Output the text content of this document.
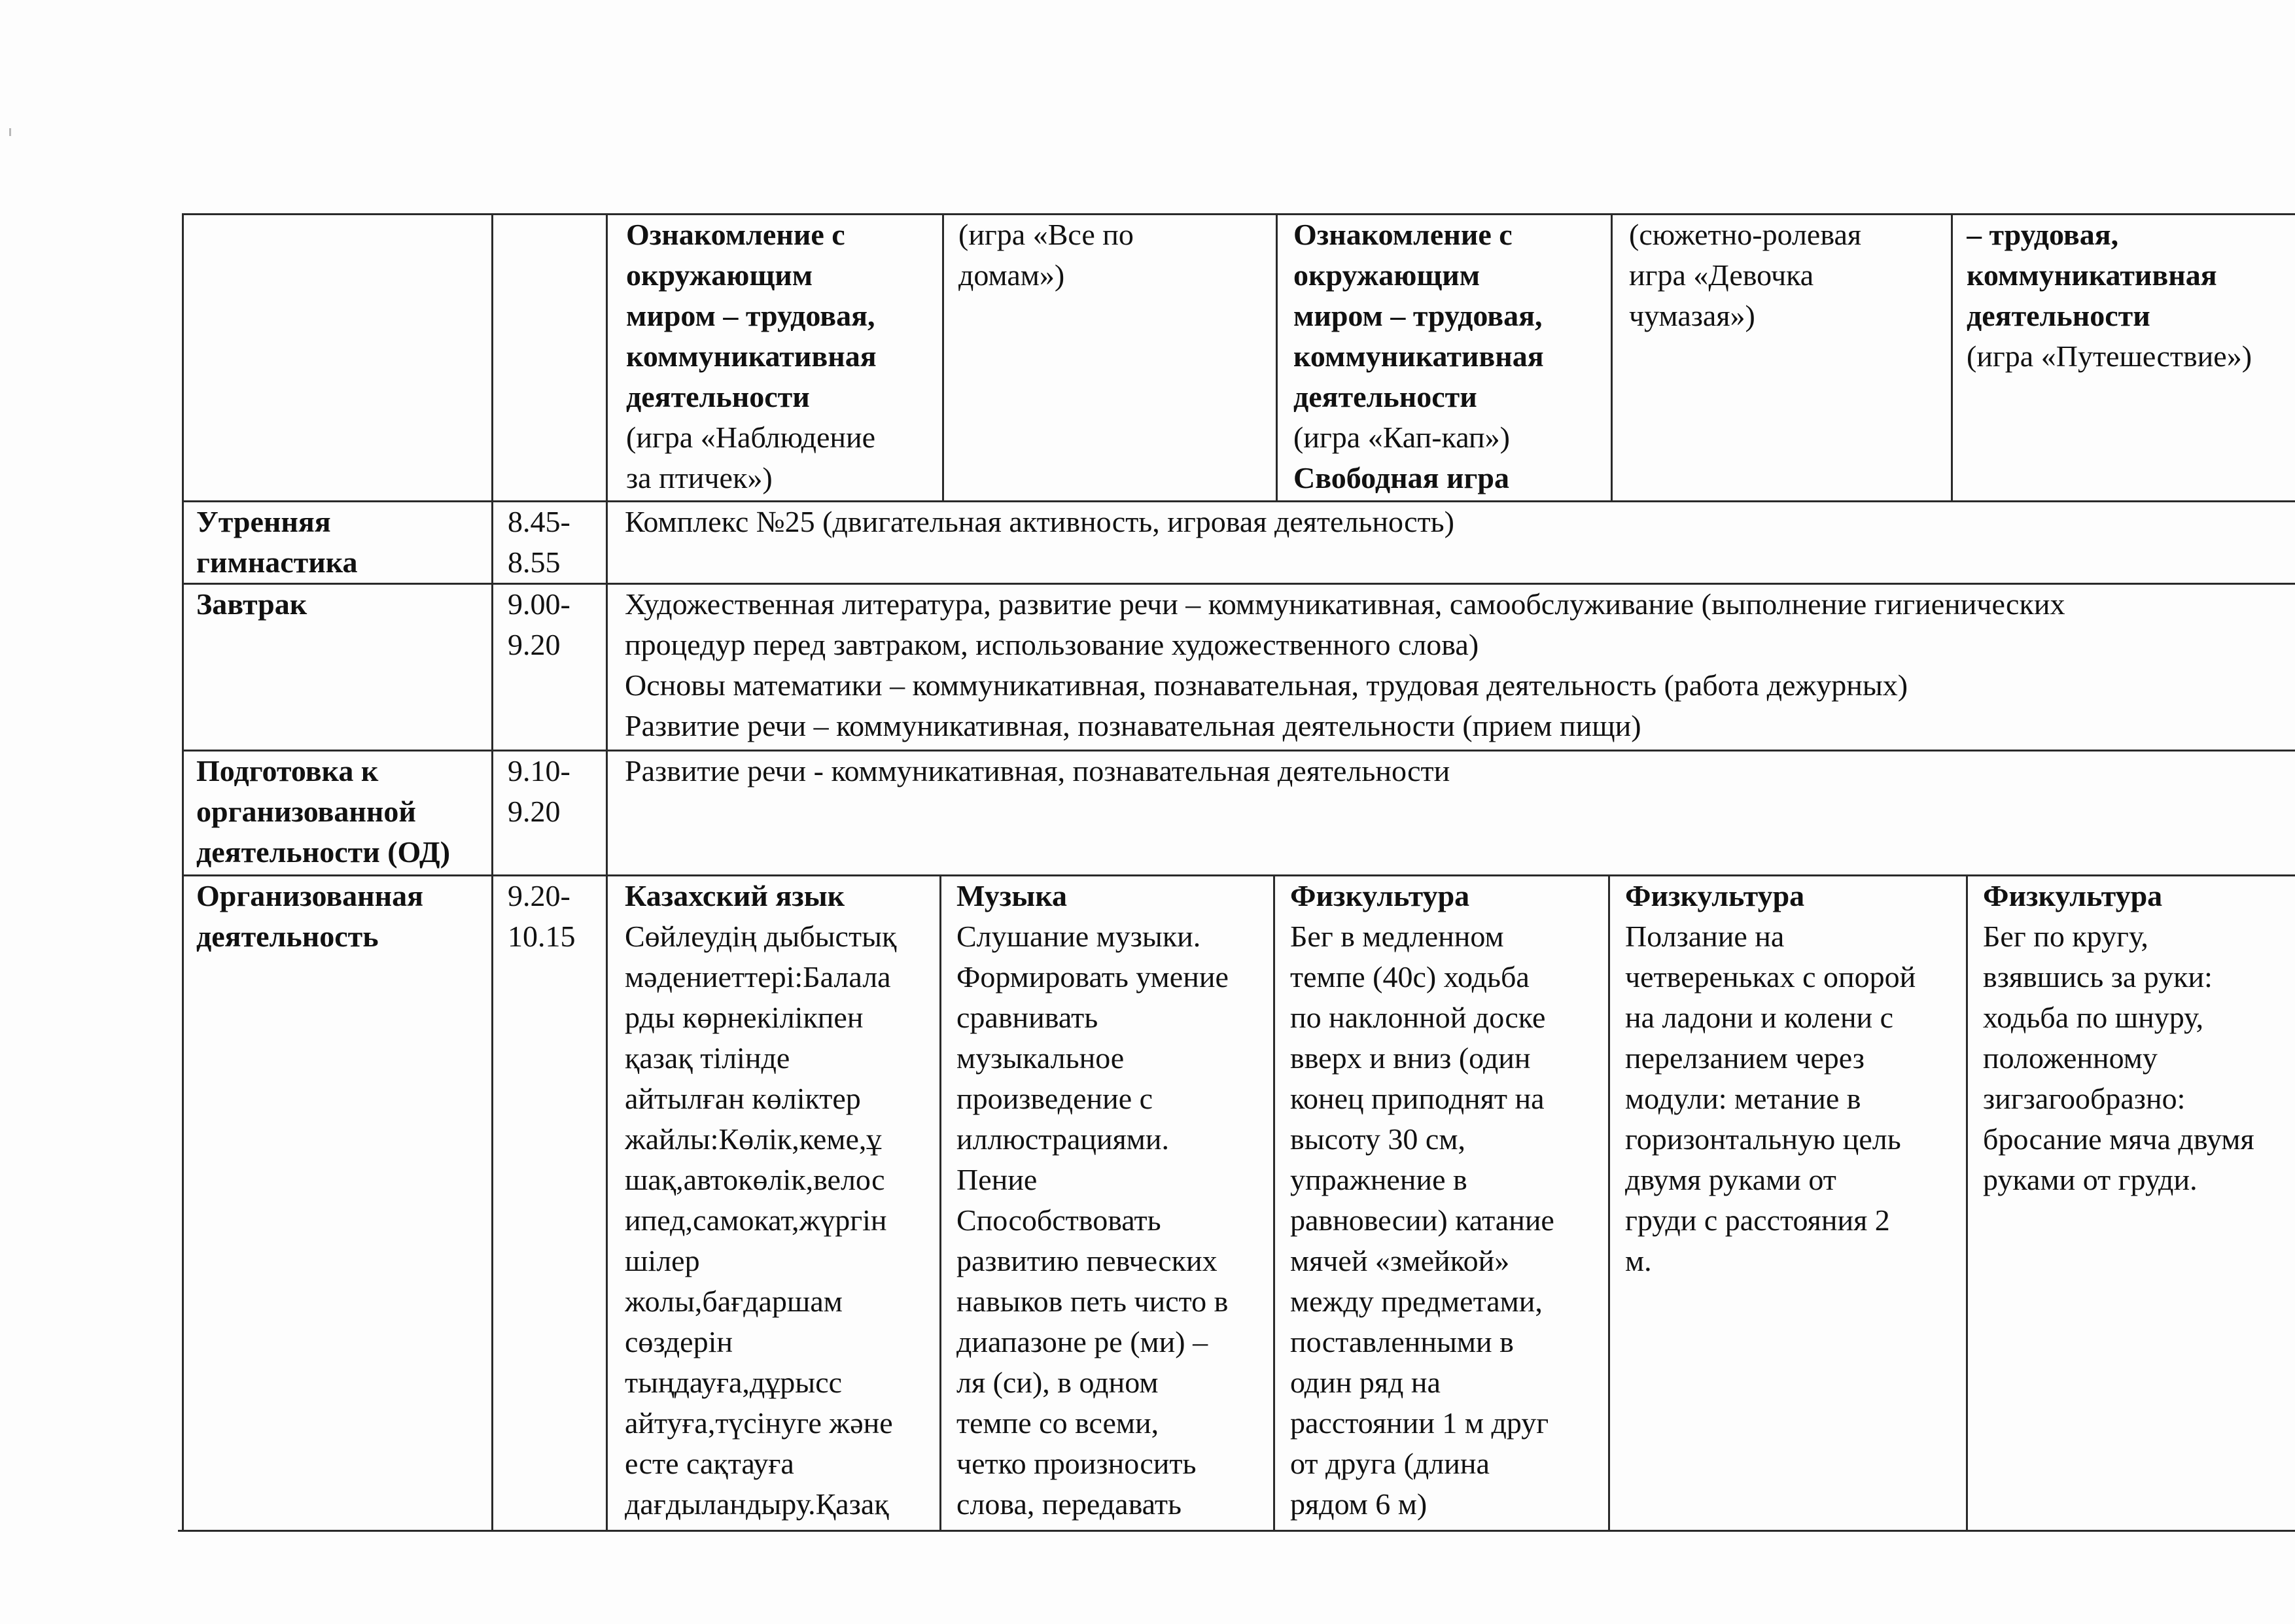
Ознакомление с
окружающим
миром – трудовая,
коммуникативная
деятельности
(игра «Наблюдение
за птичек»)
(игра «Все по
домам»)
Ознакомление с
окружающим
миром – трудовая,
коммуникативная
деятельности
(игра «Кап-кап»)
Свободная игра
(сюжетно-ролевая
игра «Девочка
чумазая»)
– трудовая,
коммуникативная
деятельности
(игра «Путешествие»)
Утренняя
гимнастика
8.45-
8.55
Комплекс №25 (двигательная активность, игровая деятельность)
Завтрак	9.00-
9.20
Художественная литература, развитие речи – коммуникативная, самообслуживание (выполнение гигиенических
процедур перед завтраком, использование художественного слова)
Основы математики – коммуникативная, познавательная, трудовая деятельность (работа дежурных)
Развитие речи – коммуникативная, познавательная деятельности (прием пищи)
Подготовка к
организованной
деятельности (ОД)
9.10-
9.20
Развитие речи - коммуникативная, познавательная деятельности
Организованная
деятельность
9.20-
10.15
Казахский язык
Сөйлеудің дыбыстық
мәдениеттері:Балала
рды көрнекілікпен
қазақ тілінде
айтылған көліктер
жайлы:Көлік,кеме,ұ
шақ,автокөлік,велос
ипед,самокат,жүргін
шілер
жолы,бағдаршам
сөздерін
тыңдауға,дұрысс
айтуға,түсінуге және
есте сақтауға
дағдыландыру.Қазақ
Музыка
Слушание музыки.
Формировать умение
сравнивать
музыкальное
произведение с
иллюстрациями.
Пение
Способствовать
развитию певческих
навыков петь чисто в
диапазоне ре (ми) –
ля (си), в одном
темпе со всеми,
четко произносить
слова, передавать
Физкультура
Бег в медленном
темпе (40с) ходьба
по наклонной доске
вверх и вниз (один
конец приподнят на
высоту 30 см,
упражнение в
равновесии) катание
мячей «змейкой»
между предметами,
поставленными в
один ряд на
расстоянии 1 м друг
от друга (длина
рядом 6 м)
Физкультура
Ползание на
четвереньках с опорой
на ладони и колени с
перелзанием через
модули: метание в
горизонтальную цель
двумя руками от
груди с расстояния 2
м.
Физкультура
Бег по кругу,
взявшись за руки:
ходьба по шнуру,
положенному
зигзагообразно:
бросание мяча двумя
руками от груди.
